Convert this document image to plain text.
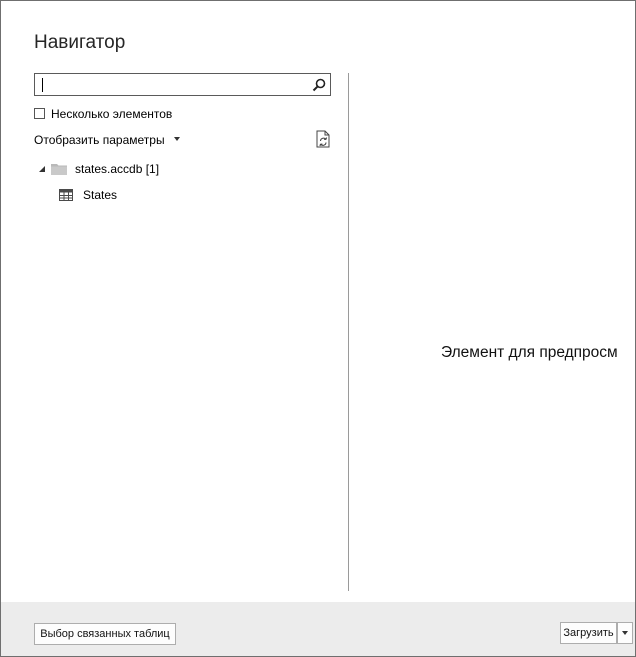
Навигатор
Несколько элементов
Отобразить параметры
states.accdb [1]
States
Элемент для предпросм
Выбор связанных таблиц	Загрузить
